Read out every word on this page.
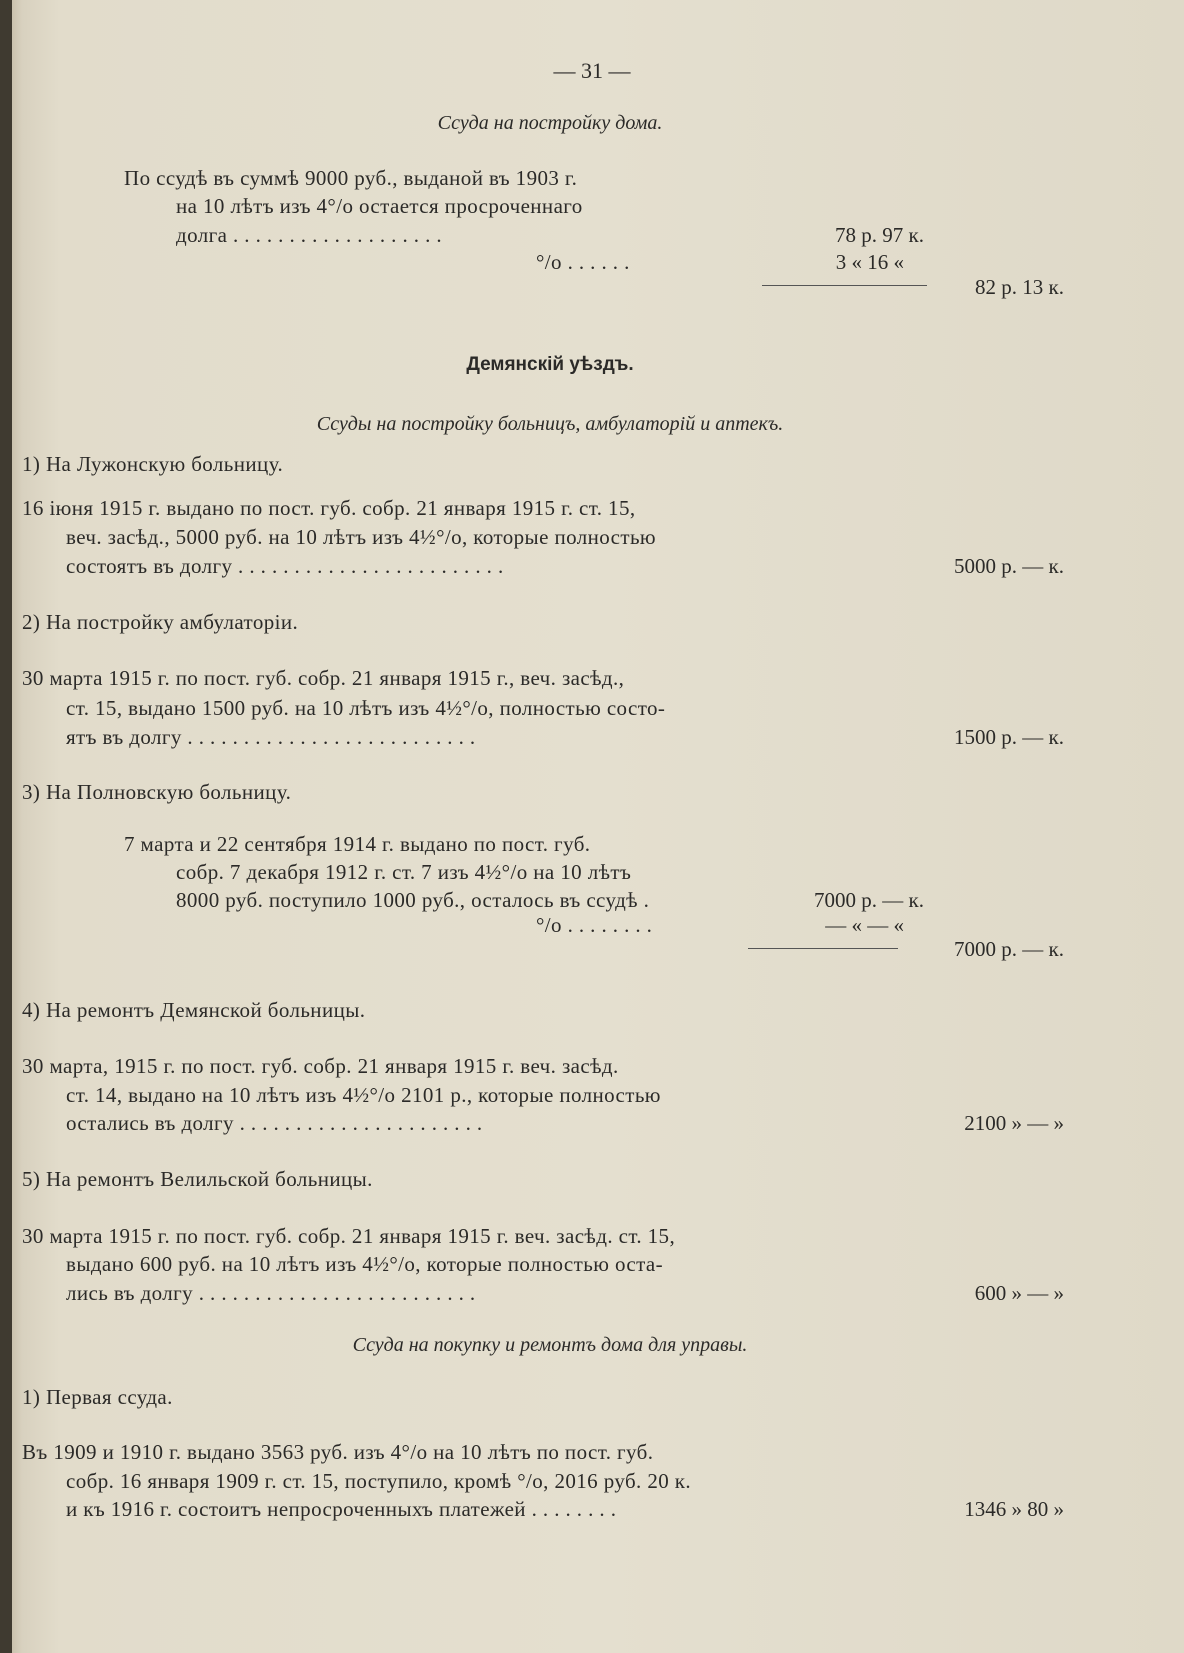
— 31 —
Ссуда на постройку дома.
По ссудѣ въ суммѣ 9000 руб., выданой въ 1903 г.
на 10 лѣтъ изъ 4°/o остается просроченнаго
долга . . . . . . . . . . . . . . . . . . .	78 р. 97 к.
°/o . . . . . .	3 « 16 «
82 р. 13 к.
Демянскій уѣздъ.
Ссуды на постройку больницъ, амбулаторій и аптекъ.
1) На Лужонскую больницу.
16 іюня 1915 г. выдано по пост. губ. собр. 21 января 1915 г. ст. 15,
веч. засѣд., 5000 руб. на 10 лѣтъ изъ 4½°/o, которые полностью
состоятъ въ долгу . . . . . . . . . . . . . . . . . . . . . . . .	5000 р. — к.
2) На постройку амбулаторіи.
30 марта 1915 г. по пост. губ. собр. 21 января 1915 г., веч. засѣд.,
ст. 15, выдано 1500 руб. на 10 лѣтъ изъ 4½°/o, полностью состо-
ятъ въ долгу . . . . . . . . . . . . . . . . . . . . . . . . . .	1500 р. — к.
3) На Полновскую больницу.
7 марта и 22 сентября 1914 г. выдано по пост. губ.
собр. 7 декабря 1912 г. ст. 7 изъ 4½°/o на 10 лѣтъ
8000 руб. поступило 1000 руб., осталось въ ссудѣ .	7000 р. — к.
°/o . . . . . . . .	— « — «
7000 р. — к.
4) На ремонтъ Демянской больницы.
30 марта, 1915 г. по пост. губ. собр. 21 января 1915 г. веч. засѣд.
ст. 14, выдано на 10 лѣтъ изъ 4½°/o 2101 р., которые полностью
остались въ долгу . . . . . . . . . . . . . . . . . . . . . .	2100 » — »
5) На ремонтъ Велильской больницы.
30 марта 1915 г. по пост. губ. собр. 21 января 1915 г. веч. засѣд. ст. 15,
выдано 600 руб. на 10 лѣтъ изъ 4½°/o, которые полностью оста-
лись въ долгу . . . . . . . . . . . . . . . . . . . . . . . . .	600 » — »
Ссуда на покупку и ремонтъ дома для управы.
1) Первая ссуда.
Въ 1909 и 1910 г. выдано 3563 руб. изъ 4°/o на 10 лѣтъ по пост. губ.
собр. 16 января 1909 г. ст. 15, поступило, кромѣ °/o, 2016 руб. 20 к.
и къ 1916 г. состоитъ непросроченныхъ платежей . . . . . . . .	1346 » 80 »
